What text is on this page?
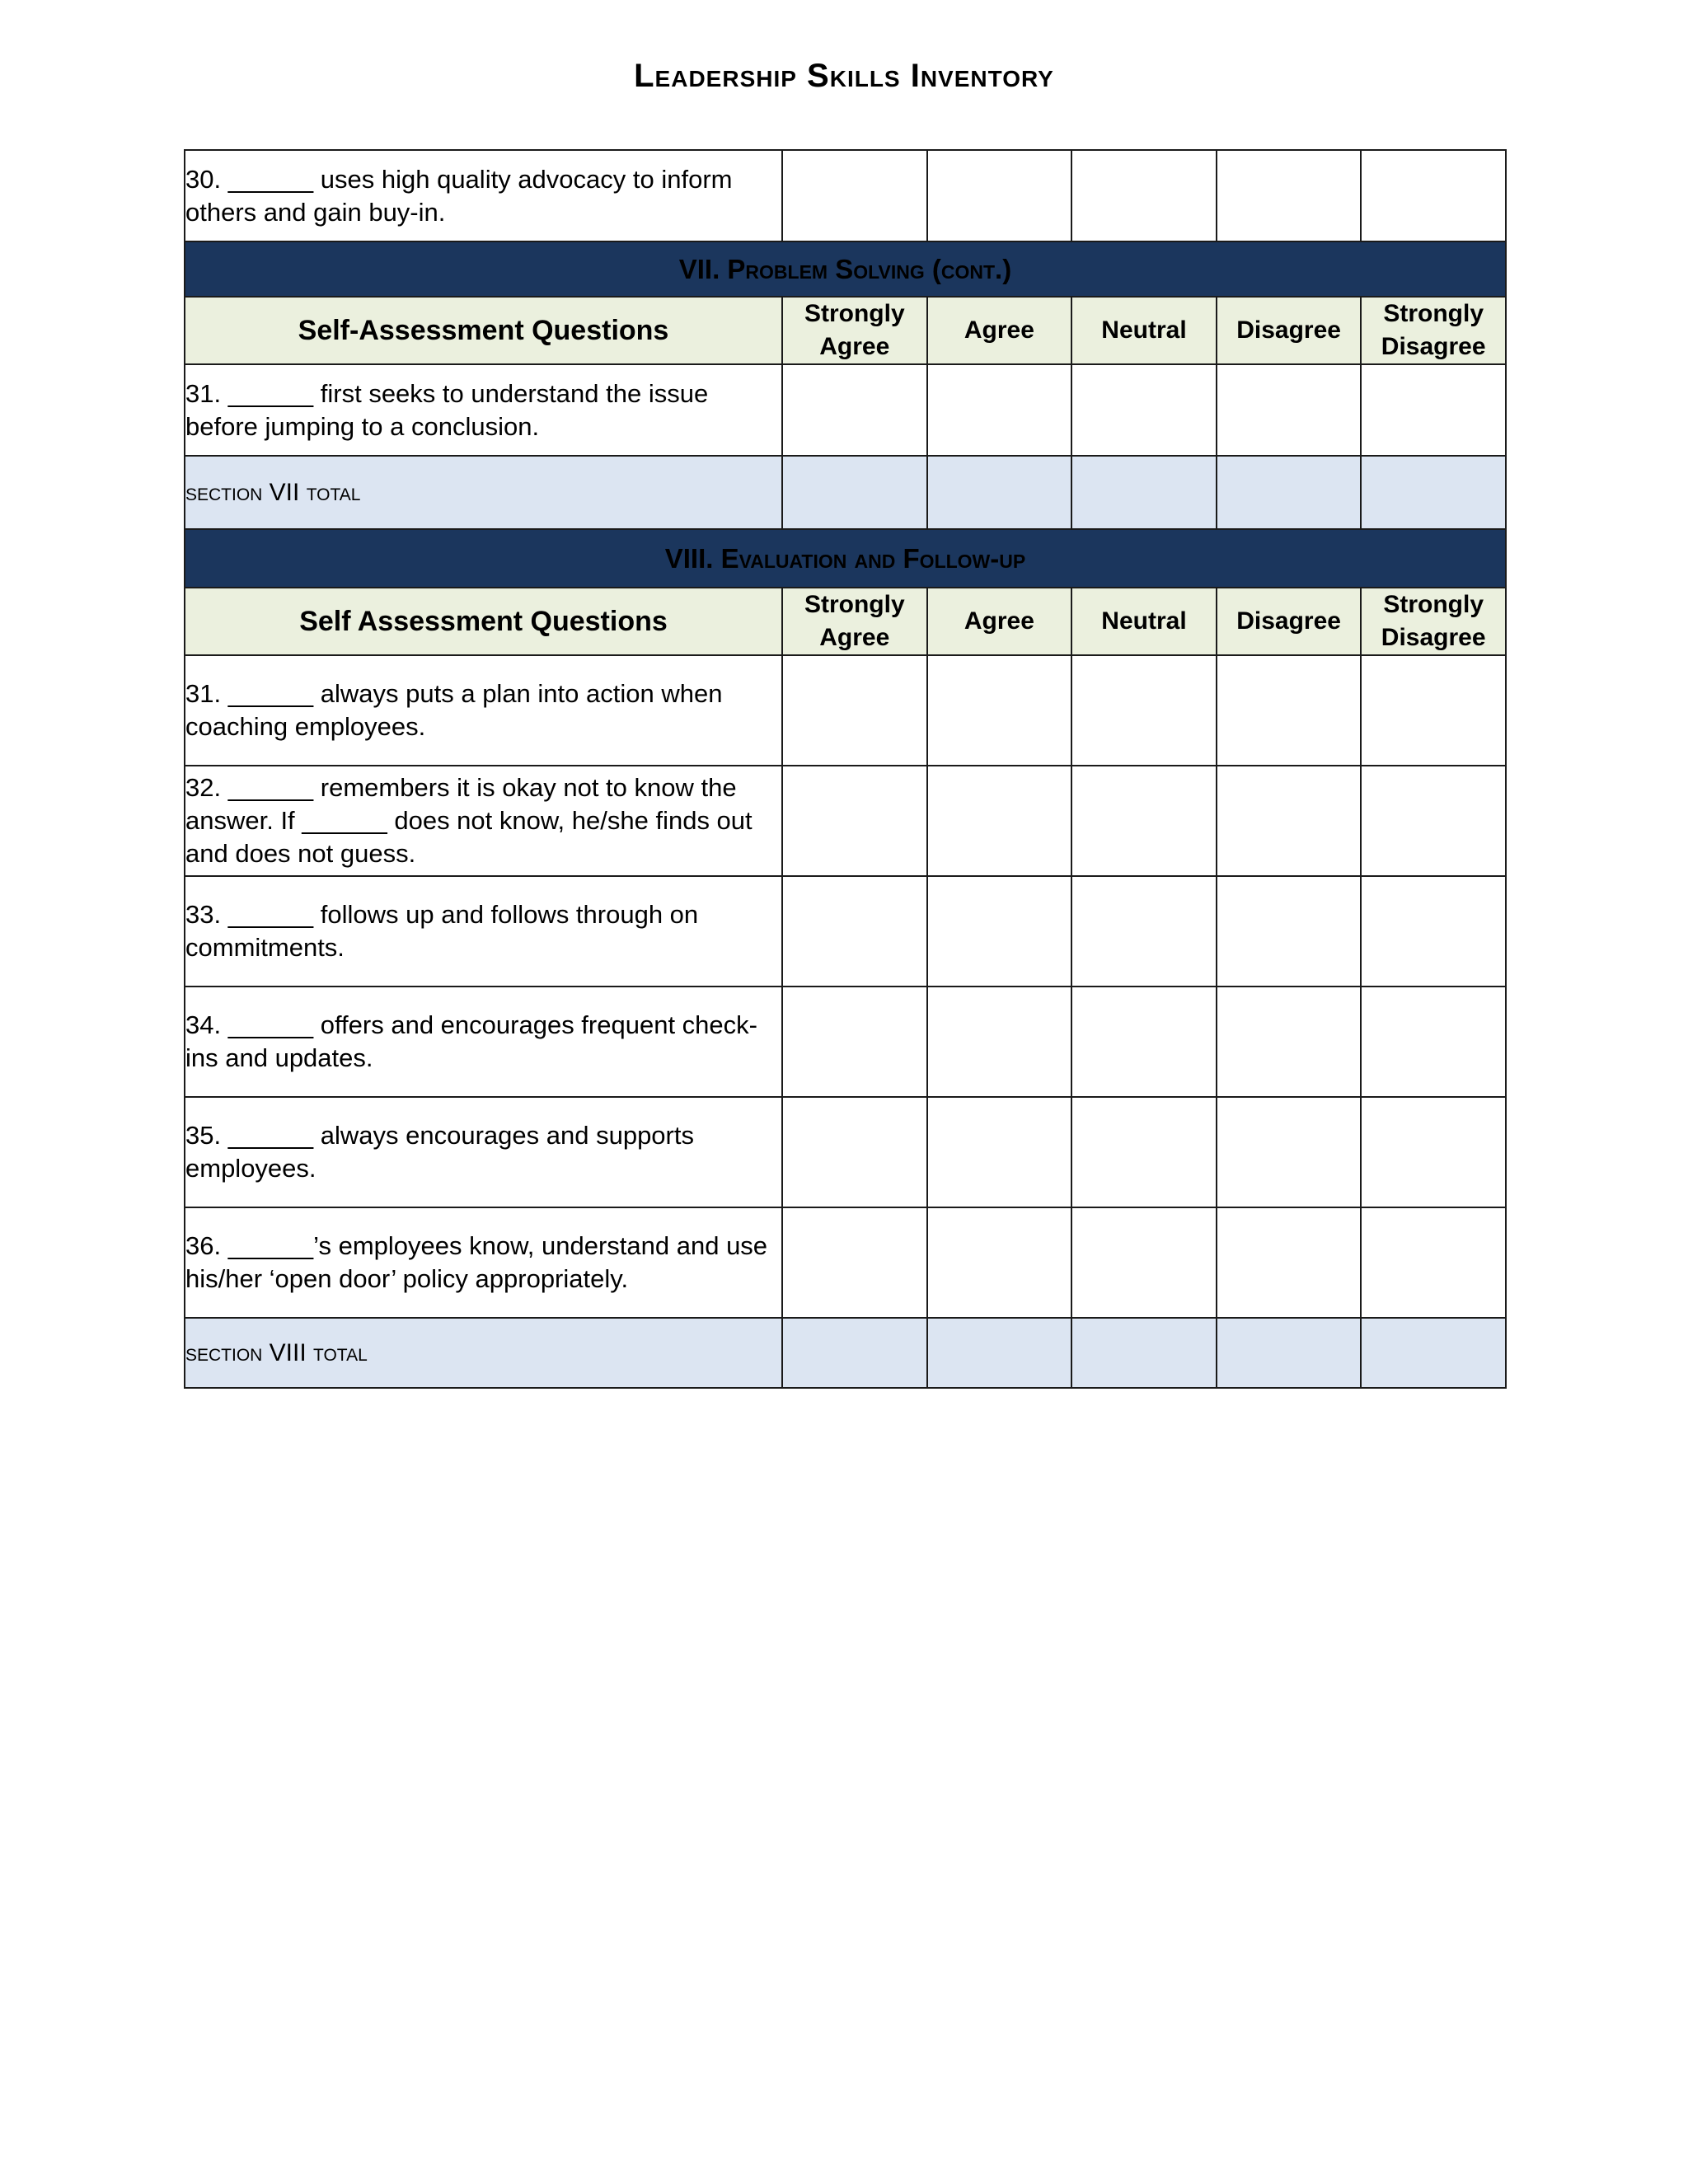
Leadership Skills Inventory
30. ______ uses high quality advocacy to inform others and gain buy-in.					
VII. Problem Solving (cont.)					
Self-Assessment Questions	Strongly Agree	Agree	Neutral	Disagree	Strongly Disagree
31. ______ first seeks to understand the issue before jumping to a conclusion.					
section VII total					
VIII. Evaluation and Follow-up					
Self Assessment Questions	Strongly Agree	Agree	Neutral	Disagree	Strongly Disagree
31. ______ always puts a plan into action when coaching employees.					
32. ______ remembers it is okay not to know the answer. If ______ does not know, he/she finds out and does not guess.					
33. ______ follows up and follows through on commitments.					
34. ______ offers and encourages frequent check-ins and updates.					
35. ______ always encourages and supports employees.					
36. ______’s employees know, understand and use his/her ‘open door’ policy appropriately.					
section VIII total					
